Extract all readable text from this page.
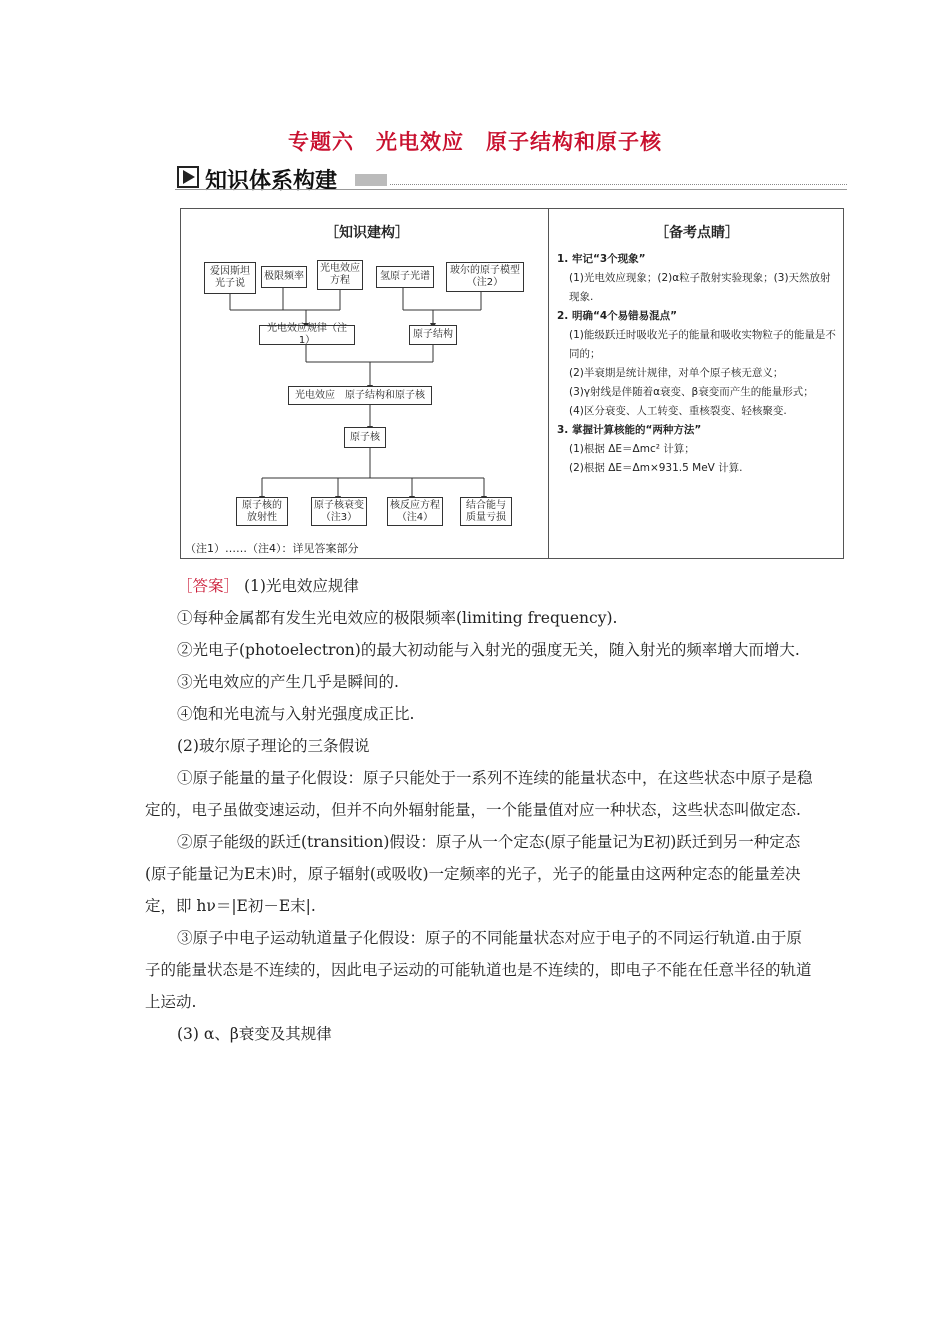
专题六　光电效应　原子结构和原子核
知识体系构建
［知识建构］	［备考点睛］
爱因斯坦光子说
极限频率
光电效应方程	氢原子光谱
玻尔的原子模型（注2）
光电效应规律（注1）
原子结构
光电效应　原子结构和原子核
原子核
原子核的放射性
原子核衰变（注3）
核反应方程（注4）
结合能与质量亏损
（注1）……（注4）：详见答案部分
1. 牢记“3个现象”
(1)光电效应现象；(2)α粒子散射实验现象；(3)天然放射现象.
2. 明确“4个易错易混点”
(1)能级跃迁时吸收光子的能量和吸收实物粒子的能量是不同的；
(2)半衰期是统计规律，对单个原子核无意义；
(3)γ射线是伴随着α衰变、β衰变而产生的能量形式；
(4)区分衰变、人工转变、重核裂变、轻核聚变.
3. 掌握计算核能的“两种方法”
(1)根据 ΔE＝Δmc² 计算；
(2)根据 ΔE＝Δm×931.5 MeV 计算.

［答案］ (1)光电效应规律

①每种金属都有发生光电效应的极限频率(limiting frequency).

②光电子(photoelectron)的最大初动能与入射光的强度无关，随入射光的频率增大而增大.

③光电效应的产生几乎是瞬间的.

④饱和光电流与入射光强度成正比.

(2)玻尔原子理论的三条假说

①原子能量的量子化假设：原子只能处于一系列不连续的能量状态中，在这些状态中原子是稳定的，电子虽做变速运动，但并不向外辐射能量，一个能量值对应一种状态，这些状态叫做定态.

②原子能级的跃迁(transition)假设：原子从一个定态(原子能量记为E初)跃迁到另一种定态(原子能量记为E末)时，原子辐射(或吸收)一定频率的光子，光子的能量由这两种定态的能量差决定，即 hν＝|E初－E末|.

③原子中电子运动轨道量子化假设：原子的不同能量状态对应于电子的不同运行轨道.由于原子的能量状态是不连续的，因此电子运动的可能轨道也是不连续的，即电子不能在任意半径的轨道上运动.

(3) α、β衰变及其规律
